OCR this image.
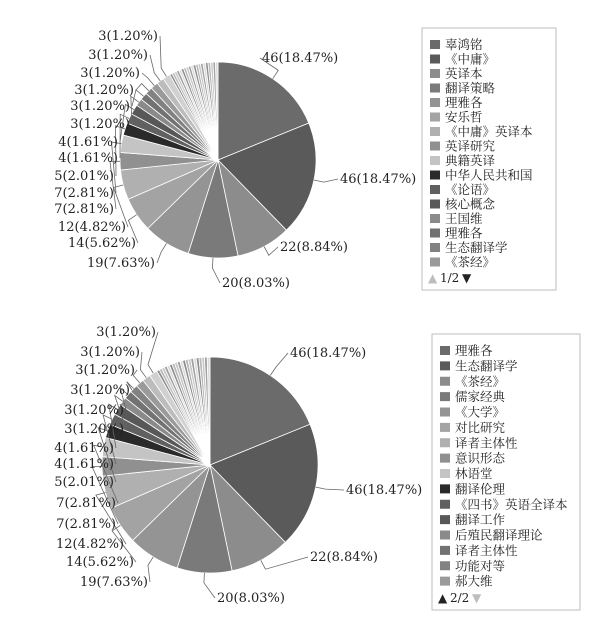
46(18.47%)
46(18.47%)
22(8.84%)
20(8.03%)
19(7.63%)
14(5.62%)
12(4.82%)
7(2.81%)
7(2.81%)
5(2.01%)
4(1.61%)
4(1.61%)
3(1.20%)
3(1.20%)
3(1.20%)
3(1.20%)
3(1.20%)
3(1.20%)
辜鸿铭
《中庸》
英译本
翻译策略
理雅各
安乐哲
《中庸》英译本
英译研究
典籍英译
中华人民共和国
《论语》
核心概念
王国维
理雅各
生态翻译学
《茶经》
▲ 1/2 ▼
46(18.47%)
46(18.47%)
22(8.84%)
20(8.03%)
19(7.63%)
14(5.62%)
12(4.82%)
7(2.81%)
7(2.81%)
5(2.01%)
4(1.61%)
4(1.61%)
3(1.20%)
3(1.20%)
3(1.20%)
3(1.20%)
3(1.20%)
3(1.20%)
理雅各
生态翻译学
《茶经》
儒家经典
《大学》
对比研究
译者主体性
意识形态
林语堂
翻译伦理
《四书》英语全译本
翻译工作
后殖民翻译理论
译者主体性
功能对等
郝大维
▲ 2/2 ▼
